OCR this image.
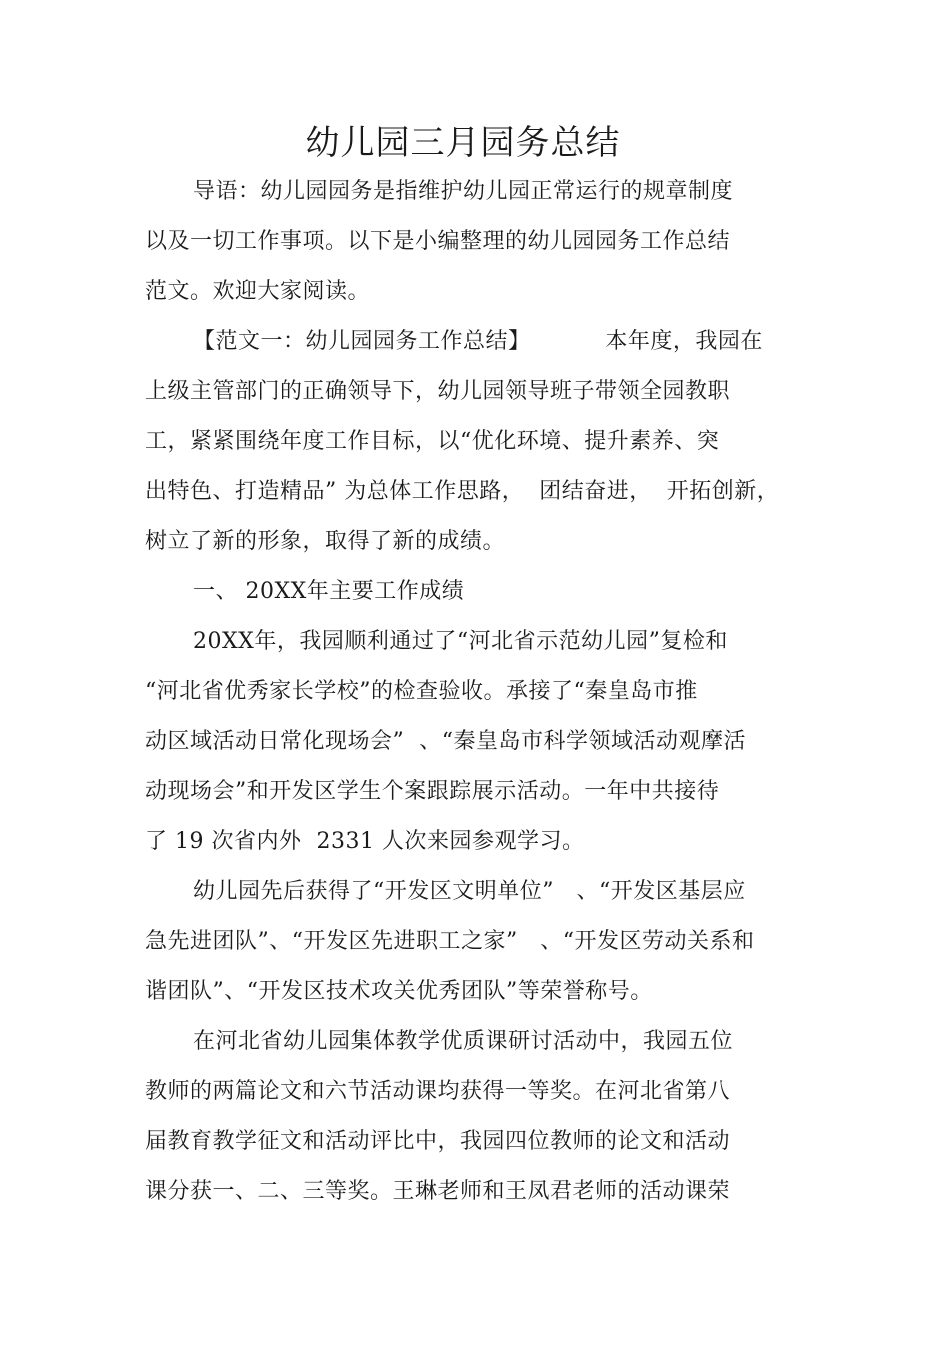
幼儿园三月园务总结
导语：幼儿园园务是指维护幼儿园正常运行的规章制度
以及一切工作事项。以下是小编整理的幼儿园园务工作总结
范文。欢迎大家阅读。
【范文一：幼儿园园务工作总结】          本年度，我园在
上级主管部门的正确领导下，幼儿园领导班子带领全园教职
工，紧紧围绕年度工作目标，以“优化环境、提升素养、突
出特色、打造精品” 为总体工作思路，  团结奋进，  开拓创新，
树立了新的形象，取得了新的成绩。
一、 20XX年主要工作成绩
20XX年，我园顺利通过了“河北省示范幼儿园”复检和
“河北省优秀家长学校”的检查验收。承接了“秦皇岛市推
动区域活动日常化现场会”  、“秦皇岛市科学领域活动观摩活
动现场会”和开发区学生个案跟踪展示活动。一年中共接待
了 19 次省内外  2331 人次来园参观学习。
幼儿园先后获得了“开发区文明单位”   、“开发区基层应
急先进团队”、“开发区先进职工之家”   、“开发区劳动关系和
谐团队”、“开发区技术攻关优秀团队”等荣誉称号。
在河北省幼儿园集体教学优质课研讨活动中，我园五位
教师的两篇论文和六节活动课均获得一等奖。在河北省第八
届教育教学征文和活动评比中，我园四位教师的论文和活动
课分获一、二、三等奖。王琳老师和王凤君老师的活动课荣
